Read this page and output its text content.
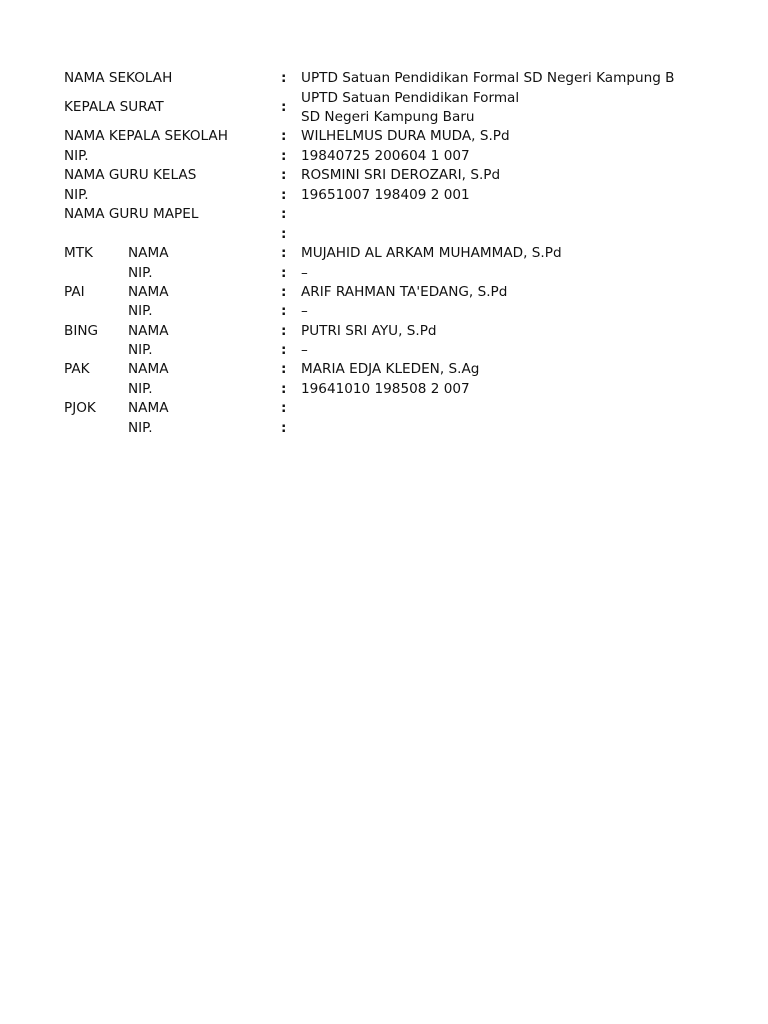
NAMA SEKOLAH	: UPTD Satuan Pendidikan Formal SD Negeri Kampung B
KEPALA SURAT	:
UPTD Satuan Pendidikan Formal
SD Negeri Kampung Baru
NAMA KEPALA SEKOLAH	: WILHELMUS DURA MUDA, S.Pd
NIP.	: 19840725 200604 1 007
NAMA GURU KELAS	: ROSMINI SRI DEROZARI, S.Pd
NIP.	: 19651007 198409 2 001
NAMA GURU MAPEL	:
:
MTK	NAMA	: MUJAHID AL ARKAM MUHAMMAD, S.Pd
NIP.	: –
PAI	NAMA	: ARIF RAHMAN TA'EDANG, S.Pd
NIP.	: –
BING NAMA	: PUTRI SRI AYU, S.Pd
NIP.	: –
PAK	NAMA	: MARIA EDJA KLEDEN, S.Ag
NIP.	: 19641010 198508 2 007
PJOK NAMA	:
NIP.	:
